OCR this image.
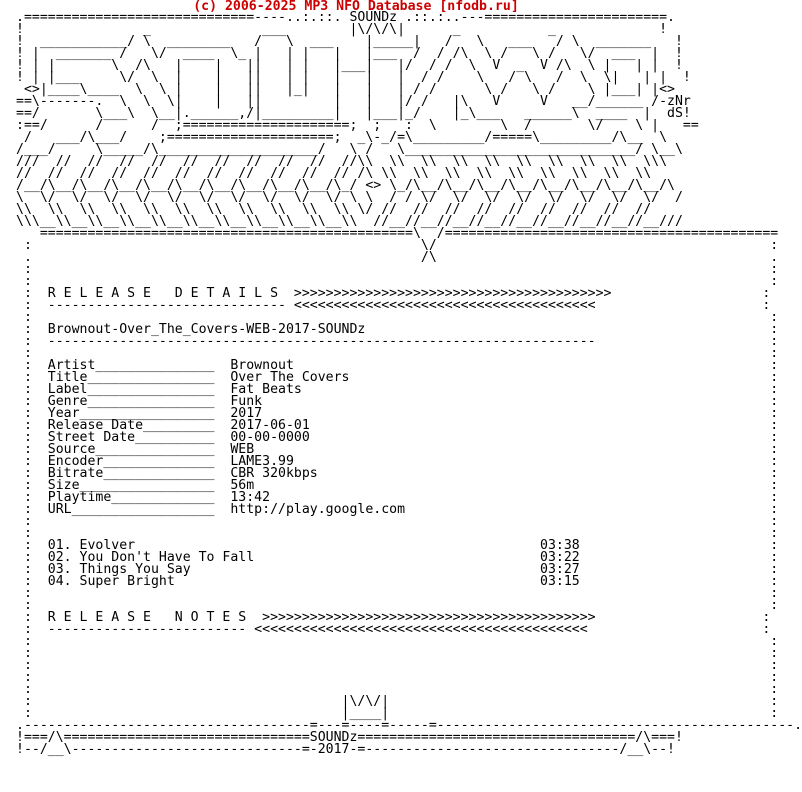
(c) 2006-2025 MP3 NFO Database [nfodb.ru]
.=============================----..:.::. SOUNDz .::.:..---=======================.
!               _              ___        |\/\/\|      _           _             !
!  ___________/ \  ________   /   \  ___    |_____|   /   \   ___   / \  _______   !
! |  _______ /   \/  ____  \_ |   | |   |   |___  /  / /\  \ /   \ /   \/  ___  |  !
! | |       \  /\   |    |   ||   | |   |___|   |/  / /  \  V  _  V /\  \ |   | |  !
! | |___     \/  \  |    |   ||   | |   |   |   |  / /    \   / \   /  \  \|   | |  !
<>|____\____  \  \ |    |   ||   |_|   |   |   | / /      \ /   \ /    \ |___| |<>
==\-------.  \  \  \|    |   ||         |   |   |/ /   |\   V     V   __/______ /-zNr
==/       \___\  \__|.______,/|_________|   |___|_/    |_\___   ______\  ____  |  dS!
:==/      /      /  ;=====================;  ;   :  \        \  /       \/    \ |   ==
/   ___/\___/    ;=====================;  _\-_/=\_________/=====\_________/\__  \
/___/     \_____/\____________________/   \ /   \_____________________________/ \__\
///  //  //  //  //  //  //  //  //  //  //\\  \\  \\  \\  \\  \\  \\  \\  \\  \\\
//  //  //  //  //  //  //  //  //  //  // /\ \\  \\  \\  \\  \\  \\  \\  \\  \\
/__/\__/\__/\__/\__/\__/\__/\__/\__/\__/\_/ <> \_/\__/\__/\__/\__/\__/\__/\__/\__/\
\  \/  \/  \/  \/  \/  \/  \/  \/  \/  \/ \ \  / / \/  \/  \/  \/  \/  \/  \/  \/  /
\\  \\  \\  \\  \\  \\  \\  \\  \\  \\  \\ \/ //  //  //  //  //  //  //  //  //
\\\__\\__\\__\\__\\__\\__\\__\\__\\__\\__\\  //__//__//__//__//__//__//__//__//__///
===============================================\  /==========================================
:                                                 \/                                          :
.                                                 /\                                          .
:                                                                                             :
:                                                                                             :
:  R E L E A S E   D E T A I L S  >>>>>>>>>>>>>>>>>>>>>>>>>>>>>>>>>>>>>>>>                   :
:  ------------------------------ <<<<<<<<<<<<<<<<<<<<<<<<<<<<<<<<<<<<<<                     :
:                                                                                             :
:  Brownout-Over_The_Covers-WEB-2017-SOUNDz                                                   :
:  ---------------------------------------------------------------------                      :
:                                                                                             :
:  Artist_______________  Brownout                                                            :
:  Title________________  Over The Covers                                                     :
:  Label________________  Fat Beats                                                           :
:  Genre________________  Funk                                                                :
:  Year_________________  2017                                                                :
:  Release Date_________  2017-06-01                                                          :
:  Street Date__________  00-00-0000                                                          :
:  Source_______________  WEB                                                                 :
:  Encoder______________  LAME3.99                                                            :
:  Bitrate______________  CBR 320kbps                                                         :
:  Size_________________  56m                                                                 :
:  Playtime_____________  13:42                                                               :
:  URL__________________  http://play.google.com                                              :
:                                                                                             :
:                                                                                             :
:  01. Evolver                                                   03:38                        :
:  02. You Don't Have To Fall                                    03:22                        :
:  03. Things You Say                                            03:27                        :
:  04. Super Bright                                              03:15                        :
:                                                                                             :
:                                                                                             :
:  R E L E A S E   N O T E S  >>>>>>>>>>>>>>>>>>>>>>>>>>>>>>>>>>>>>>>>>>                     :
:  ------------------------- <<<<<<<<<<<<<<<<<<<<<<<<<<<<<<<<<<<<<<<<<<                      :
:                                                                                             :
:                                                                                             :
:                                                                                             :
:                                                                                             :
:                                                                                             :
:                                       |\/\/|                                                :
:                                       |____|                                                :
.------------------------------------=---=----=-----=---------------------------------------------.
!===/\===============================SOUNDz===================================/\===!
!--/__\-----------------------------=-2017-=--------------------------------/__\--!
